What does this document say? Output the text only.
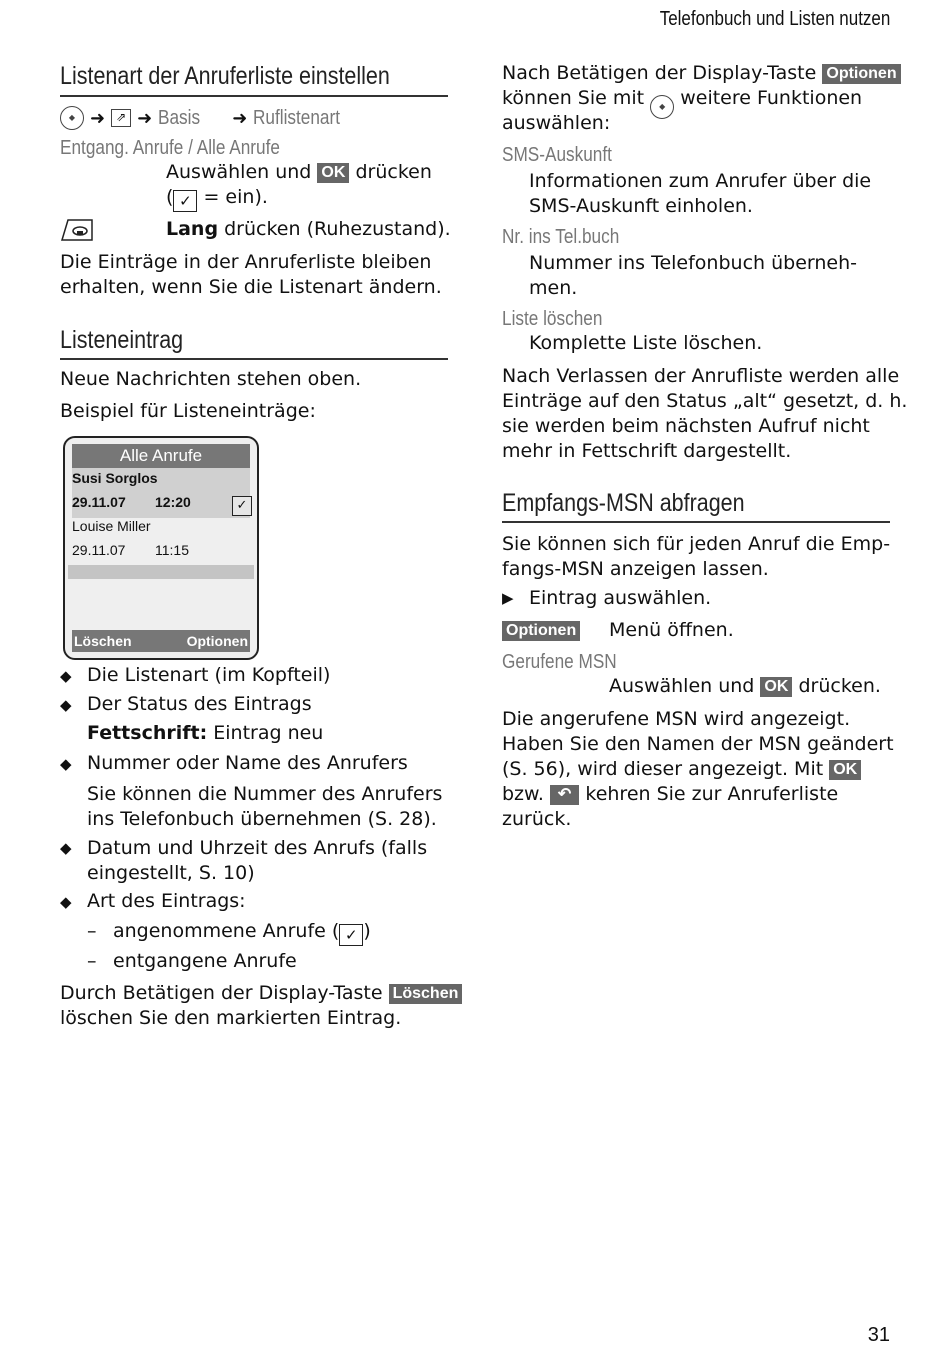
Telefonbuch und Listen nutzen
Listenart der Anruferliste einstellen
◆ ➜ ⇗ ➜ Basis	➜ Ruflistenart
Entgang. Anrufe / Alle Anrufe
Auswählen und OK drücken
( ✓ = ein).
Lang drücken (Ruhezustand).
Die Einträge in der Anruferliste bleiben
erhalten, wenn Sie die Listenart ändern.
Listeneintrag
Neue Nachrichten stehen oben.
Beispiel für Listeneinträge:
Alle Anrufe
Susi Sorglos
29.11.07 12:20	✓
Louise Miller
29.11.07 11:15
Löschen	Optionen
◆ Die Listenart (im Kopfteil)
◆ Der Status des Eintrags
Fettschrift: Eintrag neu
◆ Nummer oder Name des Anrufers
Sie können die Nummer des Anrufers
ins Telefonbuch übernehmen (S. 28).
◆ Datum und Uhrzeit des Anrufs (falls
eingestellt, S. 10)
◆ Art des Eintrags:
– angenommene Anrufe ( ✓ )
– entgangene Anrufe
Durch Betätigen der Display-Taste Löschen
löschen Sie den markierten Eintrag.
Nach Betätigen der Display-Taste Optionen
können Sie mit ◆ weitere Funktionen
auswählen:
SMS-Auskunft
Informationen zum Anrufer über die
SMS-Auskunft einholen.
Nr. ins Tel.buch
Nummer ins Telefonbuch überneh-
men.
Liste löschen
Komplette Liste löschen.
Nach Verlassen der Anrufliste werden alle
Einträge auf den Status „alt“ gesetzt, d. h.
sie werden beim nächsten Aufruf nicht
mehr in Fettschrift dargestellt.
Empfangs-MSN abfragen
Sie können sich für jeden Anruf die Emp-
fangs-MSN anzeigen lassen.
▶ Eintrag auswählen.
Optionen Menü öffnen.
Gerufene MSN
Auswählen und OK drücken.
Die angerufene MSN wird angezeigt.
Haben Sie den Namen der MSN geändert
(S. 56), wird dieser angezeigt. Mit OK
bzw. ↶ kehren Sie zur Anruferliste
zurück.
31
